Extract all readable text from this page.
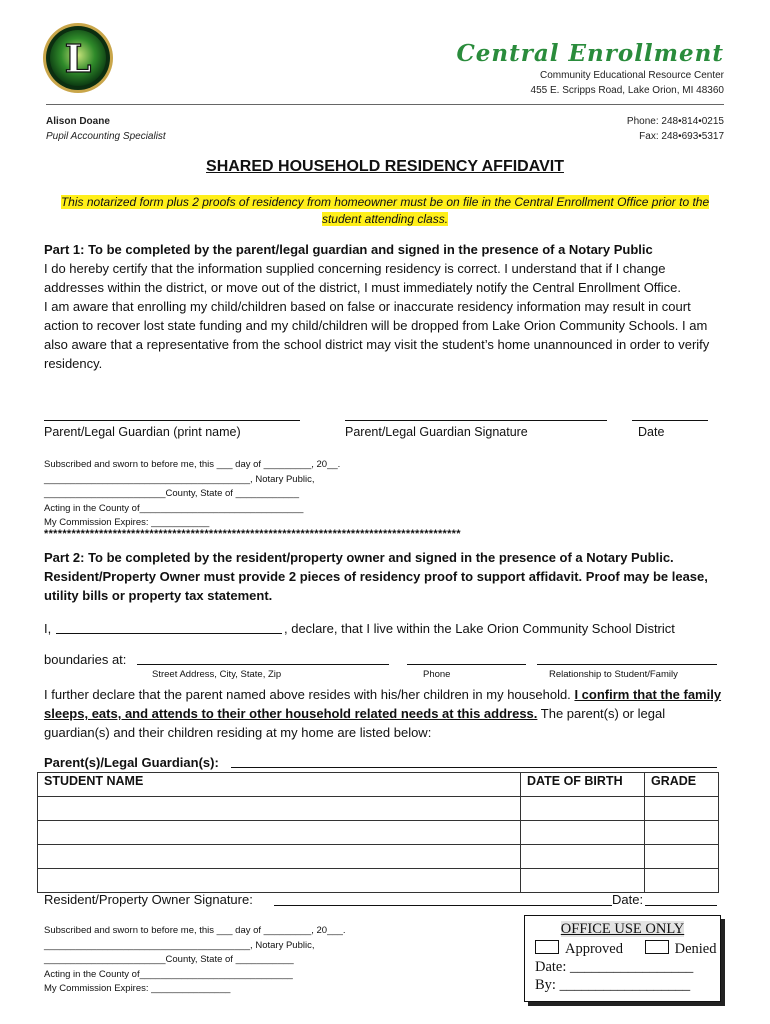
L	Central Enrollment
Community Educational Resource Center
455 E. Scripps Road, Lake Orion, MI 48360
Alison Doane
Pupil Accounting Specialist
Phone: 248•814•0215
Fax: 248•693•5317
SHARED HOUSEHOLD RESIDENCY AFFIDAVIT
This notarized form plus 2 proofs of residency from homeowner must be on file in the Central Enrollment Office prior to the student attending class.
Part 1: To be completed by the parent/legal guardian and signed in the presence of a Notary Public
I do hereby certify that the information supplied concerning residency is correct. I understand that if I change addresses within the district, or move out of the district, I must immediately notify the Central Enrollment Office.
I am aware that enrolling my child/children based on false or inaccurate residency information may result in court action to recover lost state funding and my child/children will be dropped from Lake Orion Community Schools. I am also aware that a representative from the school district may visit the student’s home unannounced in order to verify residency.
Parent/Legal Guardian (print name)	Parent/Legal Guardian Signature	Date
Subscribed and sworn to before me, this ___ day of _________, 20__.
_______________________________________, Notary Public,
_______________________County, State of ____________
Acting in the County of_______________________________
My Commission Expires: ___________
*******************************************************************************************
Part 2: To be completed by the resident/property owner and signed in the presence of a Notary Public. Resident/Property Owner must provide 2 pieces of residency proof to support affidavit. Proof may be lease, utility bills or property tax statement.
I,	, declare, that I live within the Lake Orion Community School District
boundaries at:
Street Address, City, State, Zip	Phone	Relationship to Student/Family
I further declare that the parent named above resides with his/her children in my household. I confirm that the family sleeps, eats, and attends to their other household related needs at this address. The parent(s) or legal guardian(s) and their children residing at my home are listed below:
Parent(s)/Legal Guardian(s):
STUDENT NAME	DATE OF BIRTH	GRADE

Resident/Property Owner Signature:	Date:
Subscribed and sworn to before me, this ___ day of _________, 20___.
_______________________________________, Notary Public,
_______________________County, State of ___________
Acting in the County of_____________________________
My Commission Expires: _______________
OFFICE USE ONLY
Approved	Denied
Date: _________________
By: __________________
